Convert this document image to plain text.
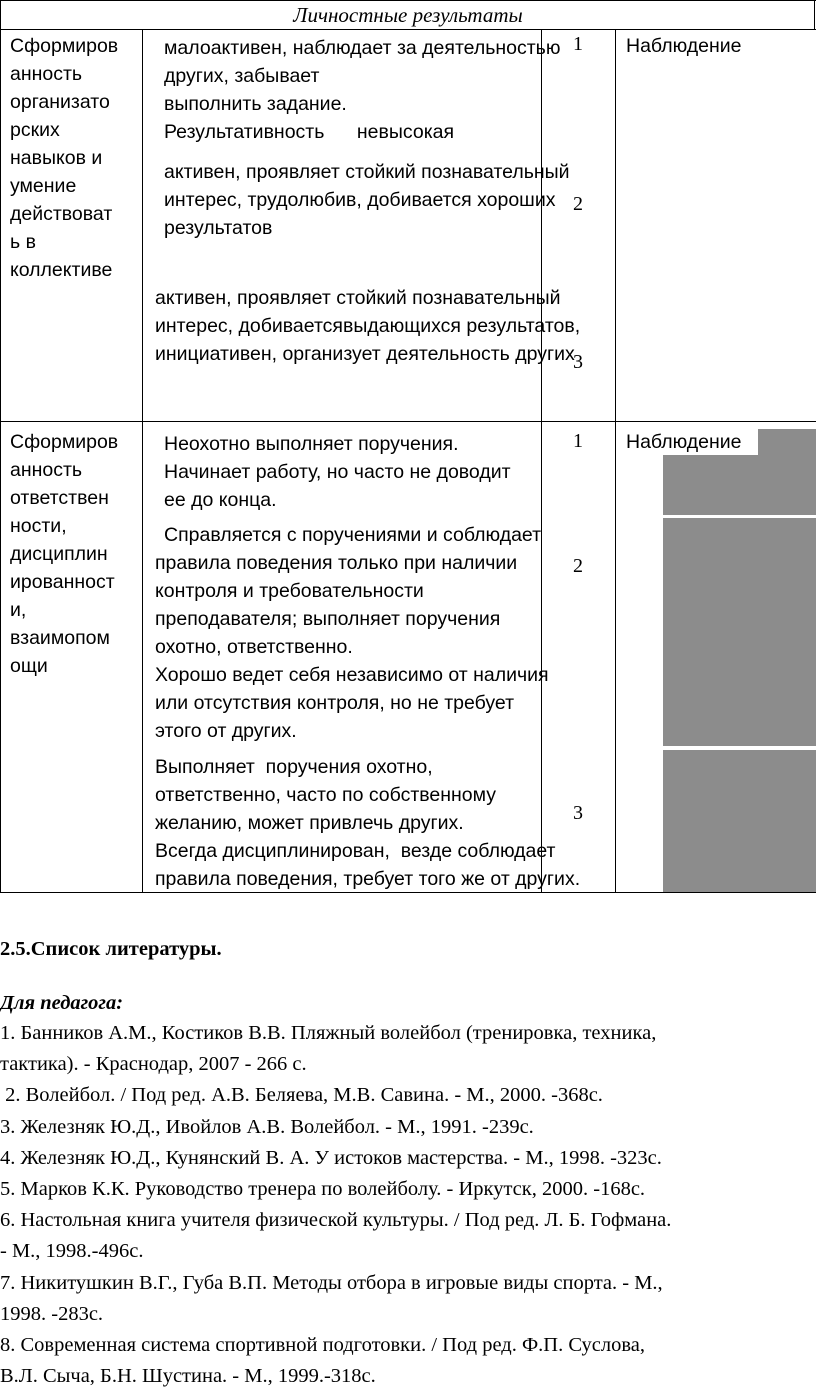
Личностные результаты
Сформиров
анность
организато
рских
навыков и
умение
действоват
ь в
коллективе
малоактивен, наблюдает за деятельностью
других, забывает
выполнить задание.
Результативность      невысокая
активен, проявляет стойкий познавательный
интерес, трудолюбив, добивается хороших
результатов
активен, проявляет стойкий познавательный
интерес, добиваетсявыдающихся результатов,
инициативен, организует деятельность других
1
2
3
Наблюдение
Сформиров
анность
ответствен
ности,
дисциплин
ированност
и,
взаимопом
ощи
Неохотно выполняет поручения.
Начинает работу, но часто не доводит
ее до конца.
Справляется с поручениями и соблюдает
правила поведения только при наличии
контроля и требовательности
преподавателя; выполняет поручения
охотно, ответственно.
Хорошо ведет себя независимо от наличия
или отсутствия контроля, но не требует
этого от других.
Выполняет  поручения охотно,
ответственно, часто по собственному
желанию, может привлечь других.
Всегда дисциплинирован,  везде соблюдает
правила поведения, требует того же от других.
1
2
3
Наблюдение
2.5.Список литературы.
Для педагога:
1. Банников А.М., Костиков В.В. Пляжный волейбол (тренировка, техника,
тактика). - Краснодар, 2007 - 266 с.
2. Волейбол. / Под ред. А.В. Беляева, М.В. Савина. - М., 2000. -368с.
3. Железняк Ю.Д., Ивойлов А.В. Волейбол. - М., 1991. -239с.
4. Железняк Ю.Д., Кунянский В. А. У истоков мастерства. - М., 1998. -323с.
5. Марков К.К. Руководство тренера по волейболу. - Иркутск, 2000. -168с.
6. Настольная книга учителя физической культуры. / Под ред. Л. Б. Гофмана.
- М., 1998.-496с.
7. Никитушкин В.Г., Губа В.П. Методы отбора в игровые виды спорта. - М.,
1998. -283с.
8. Современная система спортивной подготовки. / Под ред. Ф.П. Суслова,
В.Л. Сыча, Б.Н. Шустина. - М., 1999.-318с.
